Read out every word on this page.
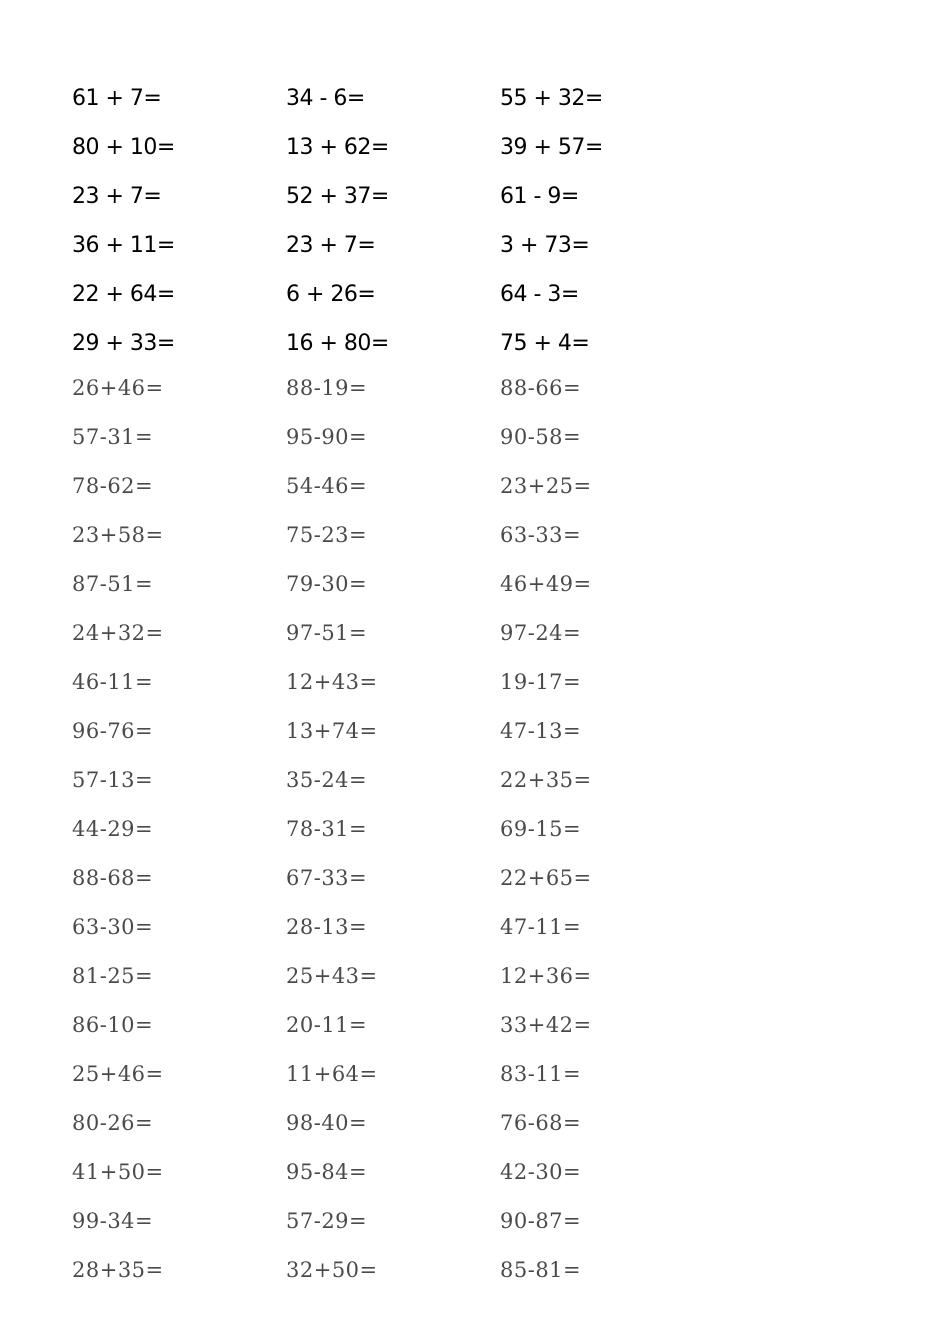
61 + 7=	34 - 6=	55 + 32=
80 + 10=	13 + 62=	39 + 57=
23 + 7=	52 + 37=	61 - 9=
36 + 11=	23 + 7=	3 + 73=
22 + 64=	6 + 26=	64 - 3=
29 + 33=	16 + 80=	75 + 4=
26+46=	88-19=	88-66=
57-31=	95-90=	90-58=
78-62=	54-46=	23+25=
23+58=	75-23=	63-33=
87-51=	79-30=	46+49=
24+32=	97-51=	97-24=
46-11=	12+43=	19-17=
96-76=	13+74=	47-13=
57-13=	35-24=	22+35=
44-29=	78-31=	69-15=
88-68=	67-33=	22+65=
63-30=	28-13=	47-11=
81-25=	25+43=	12+36=
86-10=	20-11=	33+42=
25+46=	11+64=	83-11=
80-26=	98-40=	76-68=
41+50=	95-84=	42-30=
99-34=	57-29=	90-87=
28+35=	32+50=	85-81=
